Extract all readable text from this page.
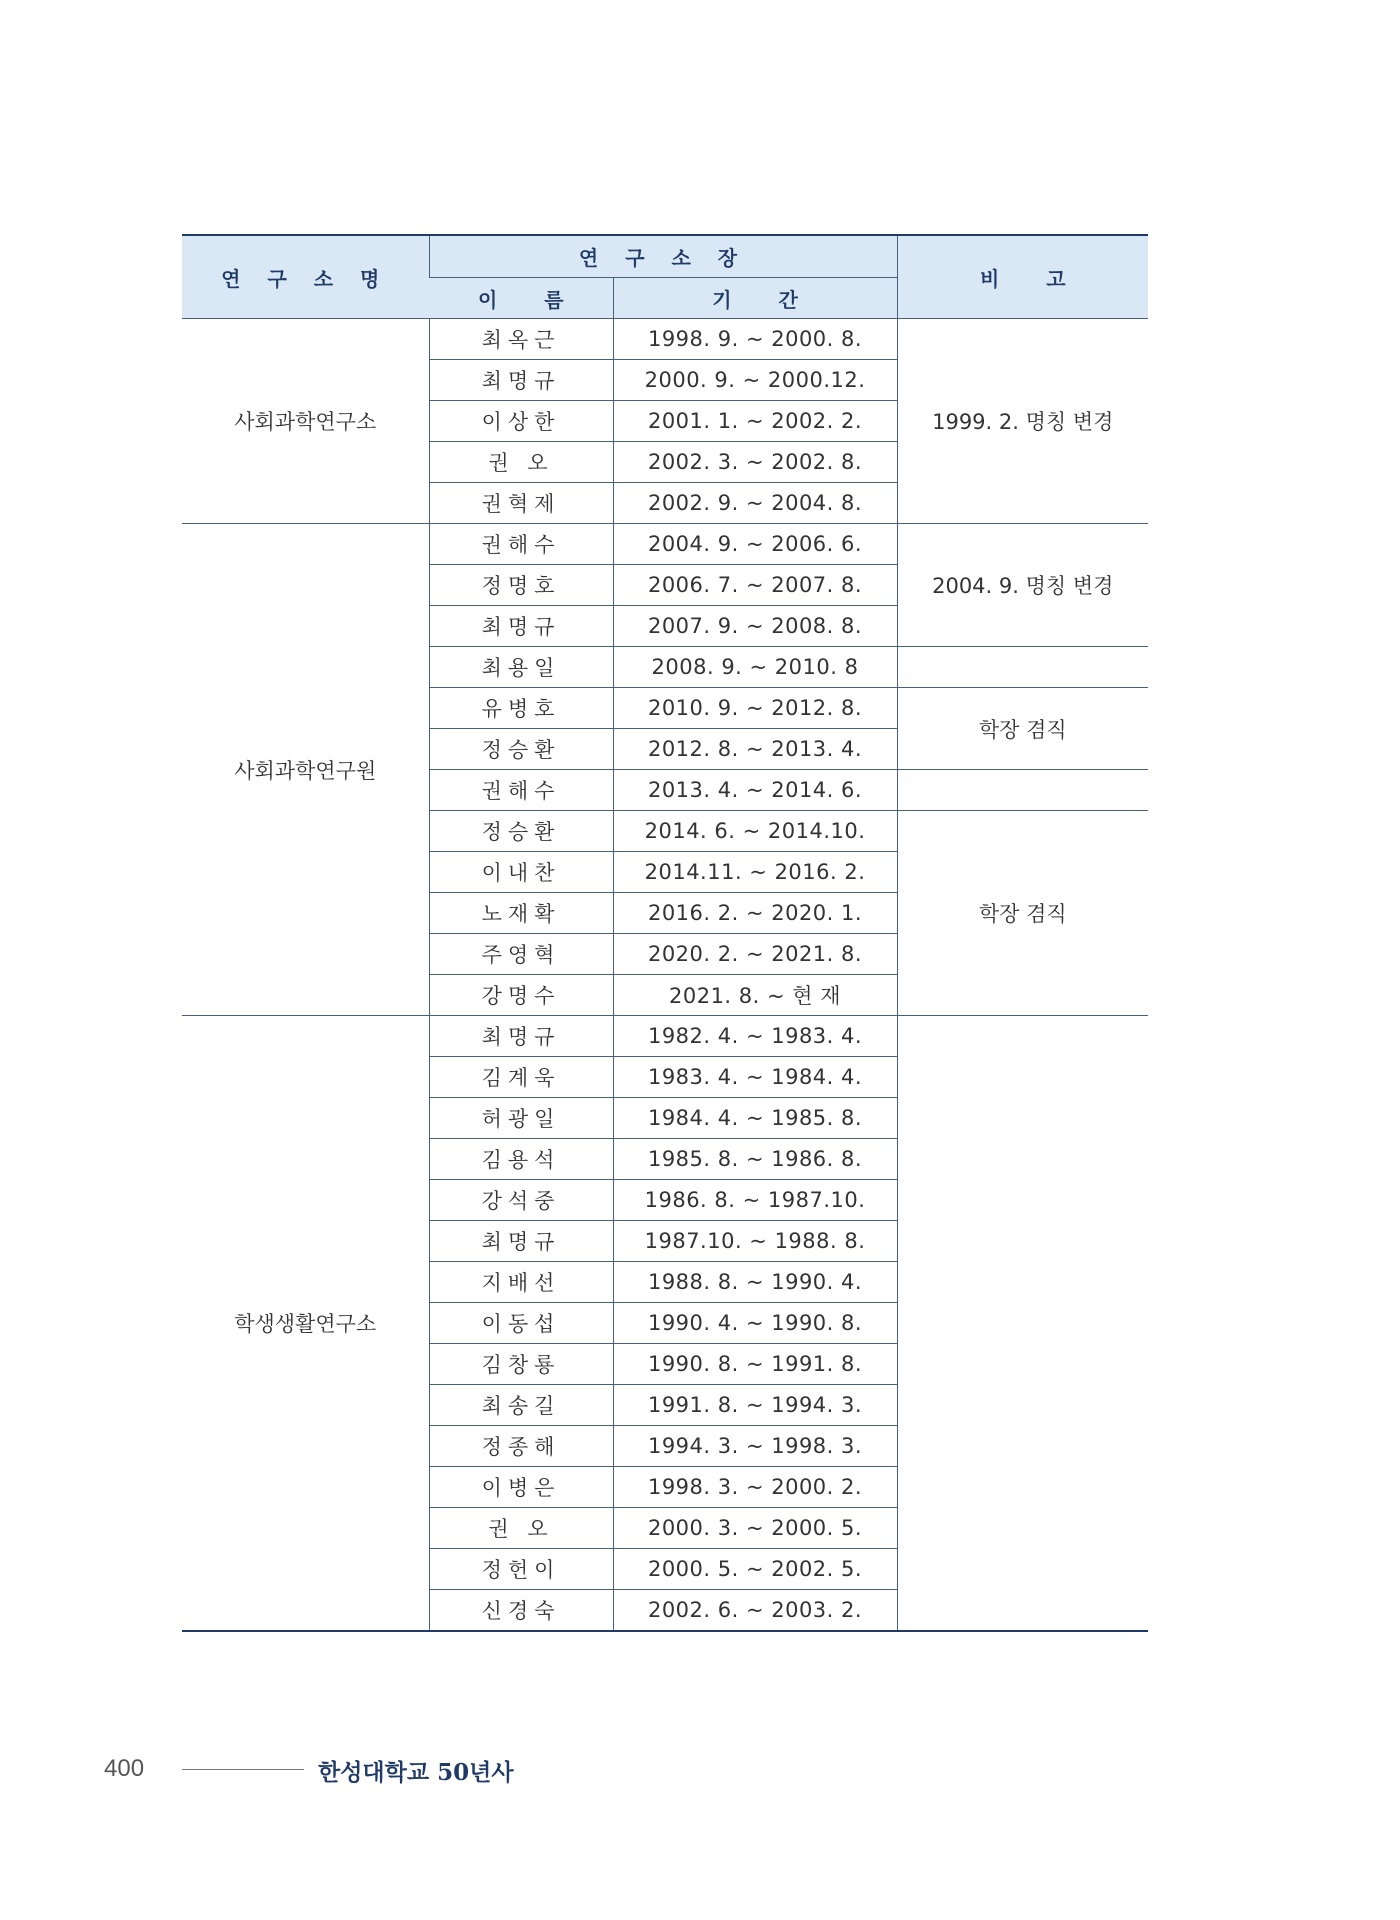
연 구 소 명	연 구 소 장		비 고
	이 름	기 간	
사회과학연구소	최옥근	1998. 9. ~ 2000. 8.	1999. 2. 명칭 변경
	최명규	2000. 9. ~ 2000.12.	
	이상한	2001. 1. ~ 2002. 2.	
	권 오	2002. 3. ~ 2002. 8.	
	권혁제	2002. 9. ~ 2004. 8.	
사회과학연구원	권해수	2004. 9. ~ 2006. 6.	2004. 9. 명칭 변경
	정명호	2006. 7. ~ 2007. 8.	
	최명규	2007. 9. ~ 2008. 8.	
	최용일	2008. 9. ~ 2010. 8	
	유병호	2010. 9. ~ 2012. 8.	학장 겸직
	정승환	2012. 8. ~ 2013. 4.	
	권해수	2013. 4. ~ 2014. 6.	
	정승환	2014. 6. ~ 2014.10.	학장 겸직
	이내찬	2014.11. ~ 2016. 2.	
	노재확	2016. 2. ~ 2020. 1.	
	주영혁	2020. 2. ~ 2021. 8.	
	강명수	2021. 8. ~ 현 재	
학생생활연구소	최명규	1982. 4. ~ 1983. 4.	
	김계욱	1983. 4. ~ 1984. 4.	
	허광일	1984. 4. ~ 1985. 8.	
	김용석	1985. 8. ~ 1986. 8.	
	강석중	1986. 8. ~ 1987.10.	
	최명규	1987.10. ~ 1988. 8.	
	지배선	1988. 8. ~ 1990. 4.	
	이동섭	1990. 4. ~ 1990. 8.	
	김창룡	1990. 8. ~ 1991. 8.	
	최송길	1991. 8. ~ 1994. 3.	
	정종해	1994. 3. ~ 1998. 3.	
	이병은	1998. 3. ~ 2000. 2.	
	권 오	2000. 3. ~ 2000. 5.	
	정헌이	2000. 5. ~ 2002. 5.	
	신경숙	2002. 6. ~ 2003. 2.	
400	한성대학교 50년사
